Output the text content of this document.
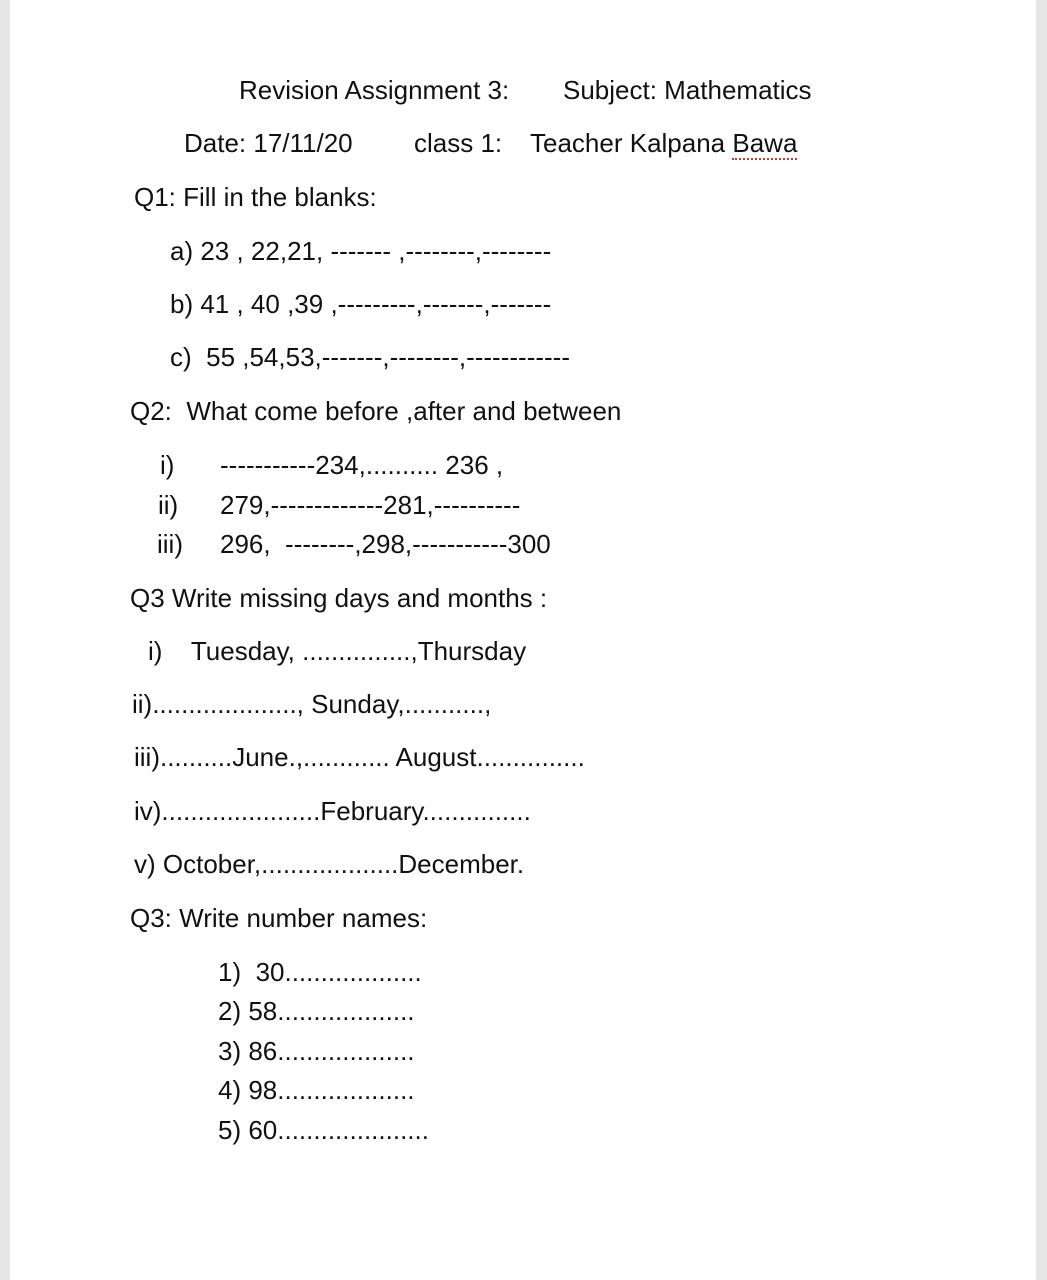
Revision Assignment 3: Subject: Mathematics
Date: 17/11/20 class 1: Teacher Kalpana Bawa
Q1: Fill in the blanks:
a) 23 , 22,21, ------- ,--------,--------
b) 41 , 40 ,39 ,---------,-------,-------
c)  55 ,54,53,-------,--------,------------
Q2:  What come before ,after and between
i) -----------234,.......... 236 ,
ii) 279,-------------281,----------
iii) 296,  --------,298,-----------300
Q3 Write missing days and months :
i)    Tuesday, ...............,Thursday
ii)...................., Sunday,...........,
iii)..........June.,............ August...............
iv)......................February...............
v) October,...................December.
Q3: Write number names:
1)  30...................
2) 58...................
3) 86...................
4) 98...................
5) 60.....................
